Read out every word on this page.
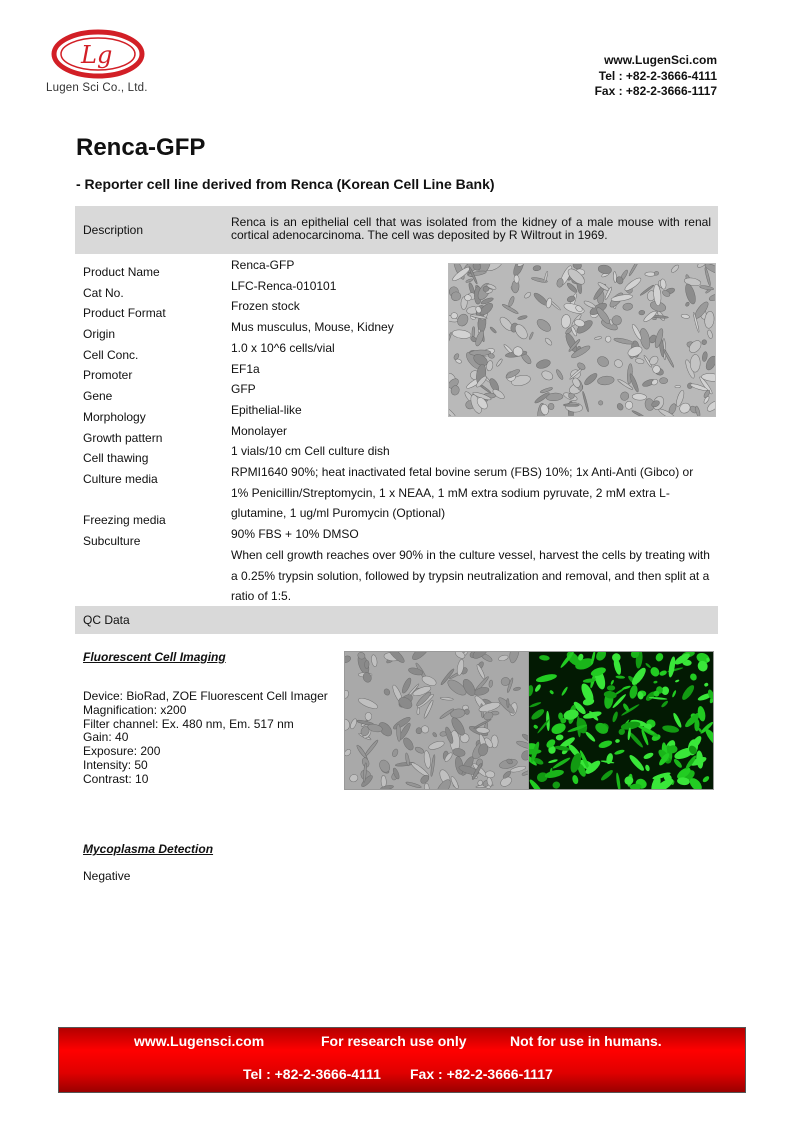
Lg
Lugen Sci Co., Ltd.
www.LugenSci.com
Tel : +82-2-3666-4111
Fax : +82-2-3666-1117
Renca-GFP
- Reporter cell line derived from Renca (Korean Cell Line Bank)
Description
Renca is an epithelial cell that was isolated from the kidney of a male mouse with renal cortical adenocarcinoma. The cell was deposited by R Wiltrout in 1969.
Product Name
Cat No.
Product Format
Origin
Cell Conc.
Promoter
Gene
Morphology
Growth pattern
Cell thawing
Culture media
Freezing media
Subculture
Renca-GFP
LFC-Renca-010101
Frozen stock
Mus musculus, Mouse, Kidney
1.0 x 10^6 cells/vial
EF1a
GFP
Epithelial-like
Monolayer
1 vials/10 cm Cell culture dish
RPMI1640 90%; heat inactivated fetal bovine serum (FBS) 10%; 1x Anti-Anti (Gibco) or 1% Penicillin/Streptomycin, 1 x NEAA, 1 mM extra sodium pyruvate, 2 mM extra L-glutamine, 1 ug/ml Puromycin (Optional)
90% FBS + 10% DMSO
When cell growth reaches over 90% in the culture vessel, harvest the cells by treating with a 0.25% trypsin solution, followed by trypsin neutralization and removal, and then split at a ratio of 1:5.
QC Data
Fluorescent Cell Imaging
Device: BioRad, ZOE Fluorescent Cell Imager
Magnification: x200
Filter channel: Ex. 480 nm, Em. 517 nm
Gain: 40
Exposure: 200
Intensity: 50
Contrast: 10
Mycoplasma Detection
Negative
www.Lugensci.com	For research use only	Not for use in humans.
Tel : +82-2-3666-4111 Fax : +82-2-3666-1117
